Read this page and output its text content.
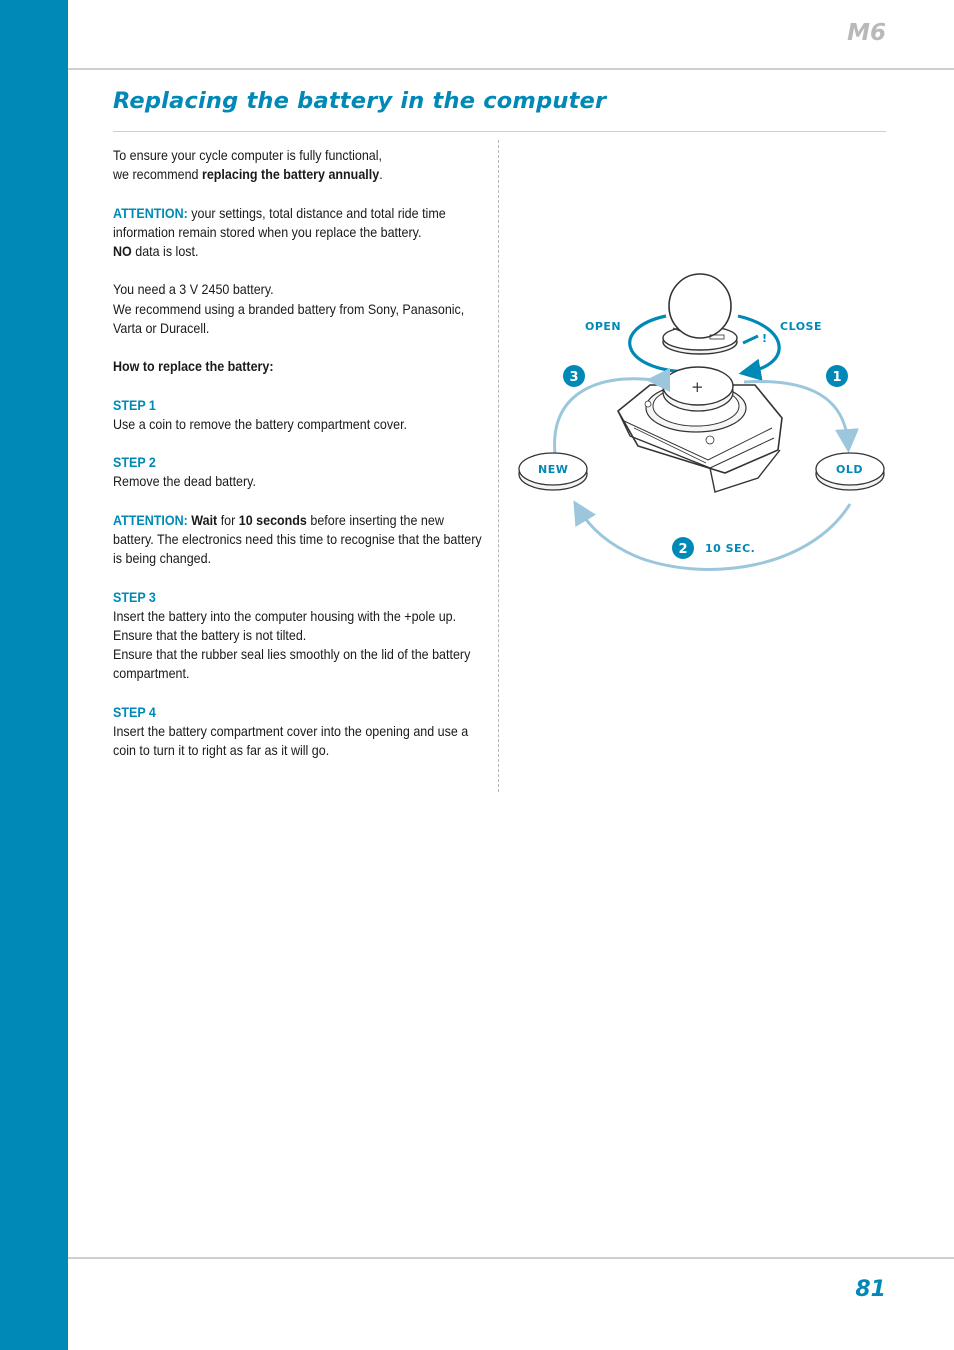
M6
Replacing the battery in the computer

To ensure your cycle computer is fully functional,
we recommend replacing the battery annually.

ATTENTION: your settings, total distance and total ride time information remain stored when you replace the battery.
NO data is lost.

You need a 3 V 2450 battery.
We recommend using a branded battery from Sony, Panasonic, Varta or Duracell.

How to replace the battery:

STEP 1
Use a coin to remove the battery compartment cover.

STEP 2
Remove the dead battery.

ATTENTION: Wait for 10 seconds before inserting the new battery. The electronics need this time to recognise that the battery is being changed.

STEP 3
Insert the battery into the computer housing with the +pole up. Ensure that the battery is not tilted.
Ensure that the rubber seal lies smoothly on the lid of the battery compartment.

STEP 4
Insert the battery compartment cover into the opening and use a coin to turn it to right as far as it will go.

!
OPEN	CLOSE
+
NEW	OLD
3	1
2 10 SEC.
81
